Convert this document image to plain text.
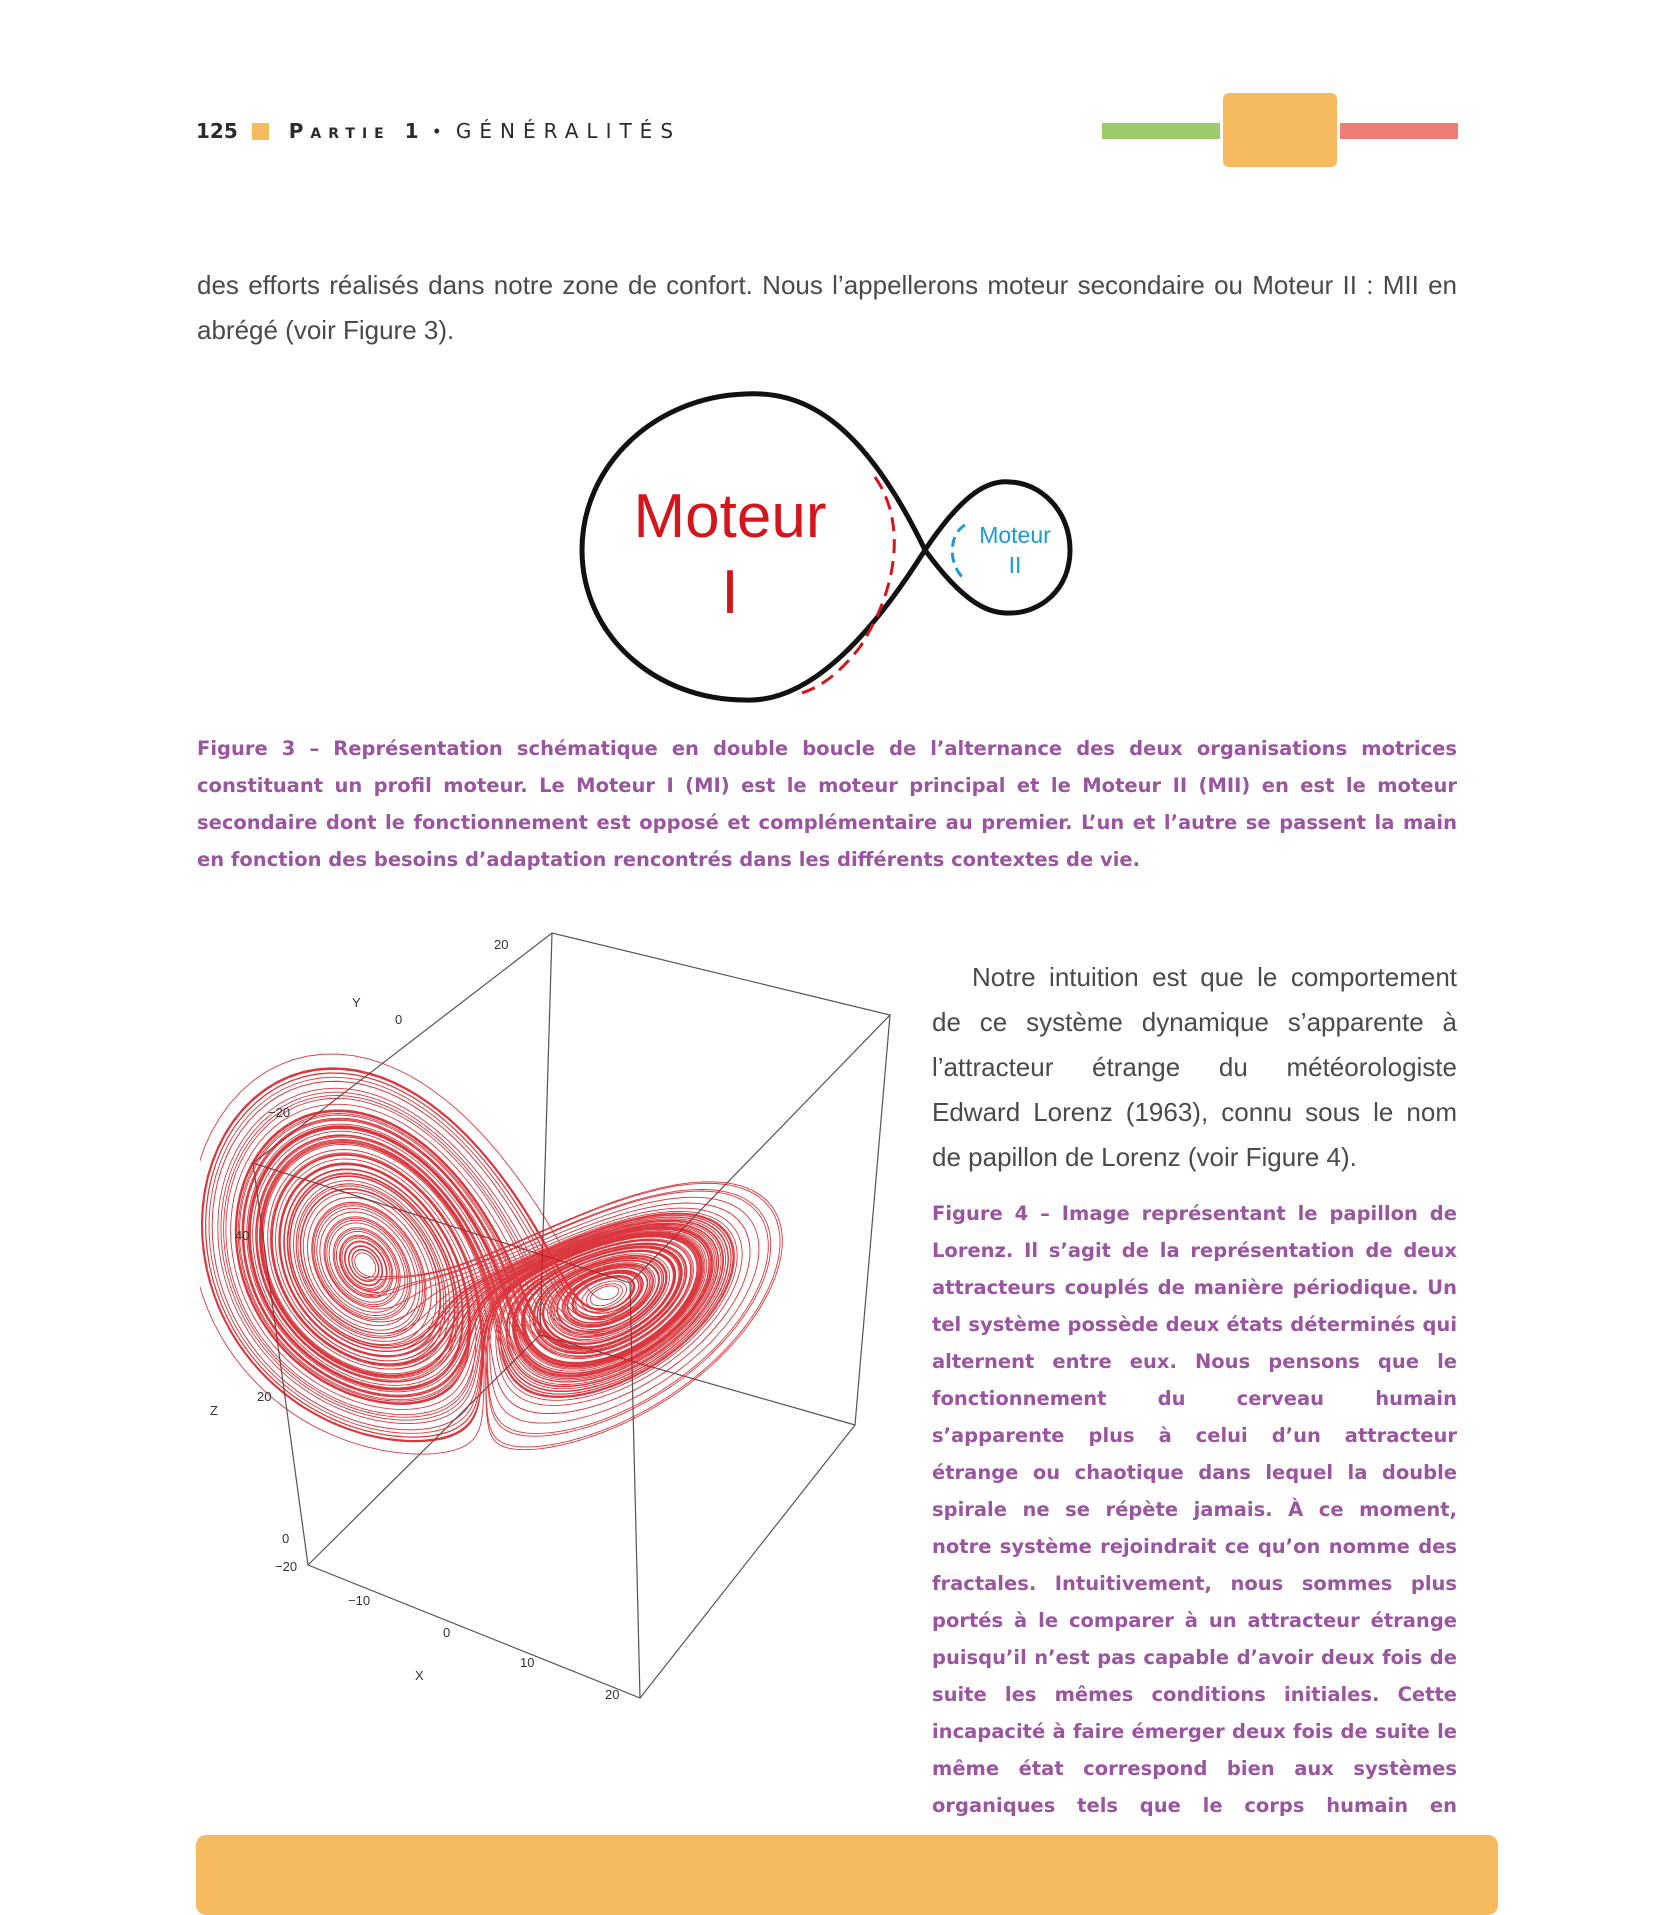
125	Partie 1 • GÉNÉRALITÉS

des efforts réalisés dans notre zone de confort. Nous l’appellerons moteur secondaire ou Moteur II : MII en abrégé (voir Figure 3).

Moteur
I
Moteur
II

Figure 3 – Représentation schématique en double boucle de l’alternance des deux organisations motrices constituant un profil moteur. Le Moteur I (MI) est le moteur principal et le Moteur II (MII) en est le moteur secondaire dont le fonctionnement est opposé et complémentaire au premier. L’un et l’autre se passent la main en fonction des besoins d’adaptation rencontrés dans les différents contextes de vie.

Y
Z
X
20
0
−20
40
20
0
−20
−10
0
10
20

Notre intuition est que le comportement de ce système dynamique s’apparente à l’attracteur étrange du météorologiste Edward Lorenz (1963), connu sous le nom de papillon de Lorenz (voir Figure 4).

Figure 4 – Image représentant le papillon de Lorenz. Il s’agit de la représentation de deux attracteurs couplés de manière périodique. Un tel système possède deux états déterminés qui alternent entre eux. Nous pensons que le fonctionnement du cerveau humain s’apparente plus à celui d’un attracteur étrange ou chaotique dans lequel la double spirale ne se répète jamais. À ce moment, notre système rejoindrait ce qu’on nomme des fractales. Intuitivement, nous sommes plus portés à le comparer à un attracteur étrange puisqu’il n’est pas capable d’avoir deux fois de suite les mêmes conditions initiales. Cette incapacité à faire émerger deux fois de suite le même état correspond bien aux systèmes organiques tels que le corps humain en
